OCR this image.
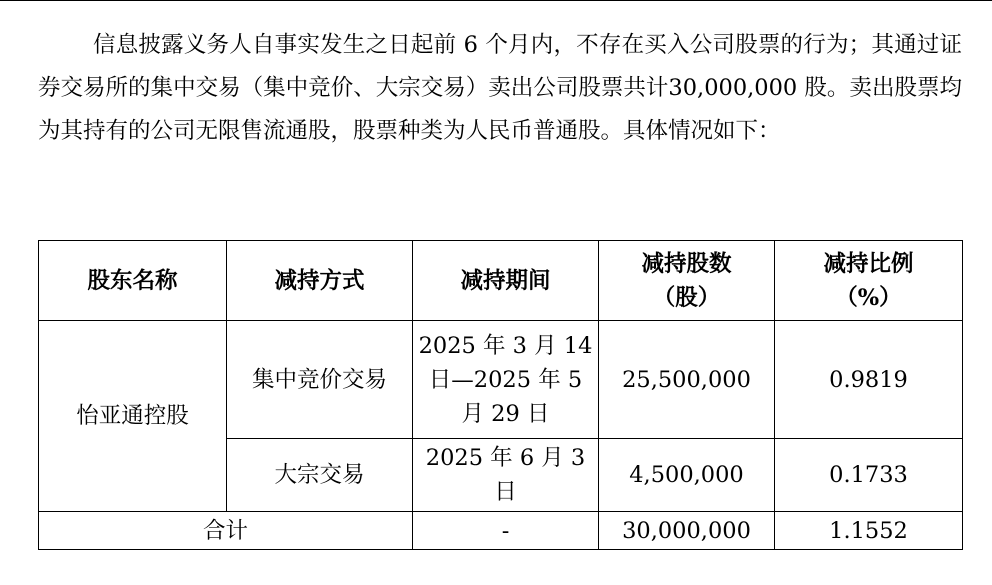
信息披露义务人自事实发生之日起前 6 个月内，不存在买入公司股票的行为；其通过证券交易所的集中交易（集中竞价、大宗交易）卖出公司股票共计30,000,000 股。卖出股票均为其持有的公司无限售流通股，股票种类为人民币普通股。具体情况如下：

股东名称	减持方式	减持期间	减持股数（股）	减持比例（%）
怡亚通控股	集中竞价交易	2025 年 3 月 14 日—2025 年 5 月 29 日	25,500,000	0.9819
	大宗交易	2025 年 6 月 3 日	4,500,000	0.1733
合计		-	30,000,000	1.1552
